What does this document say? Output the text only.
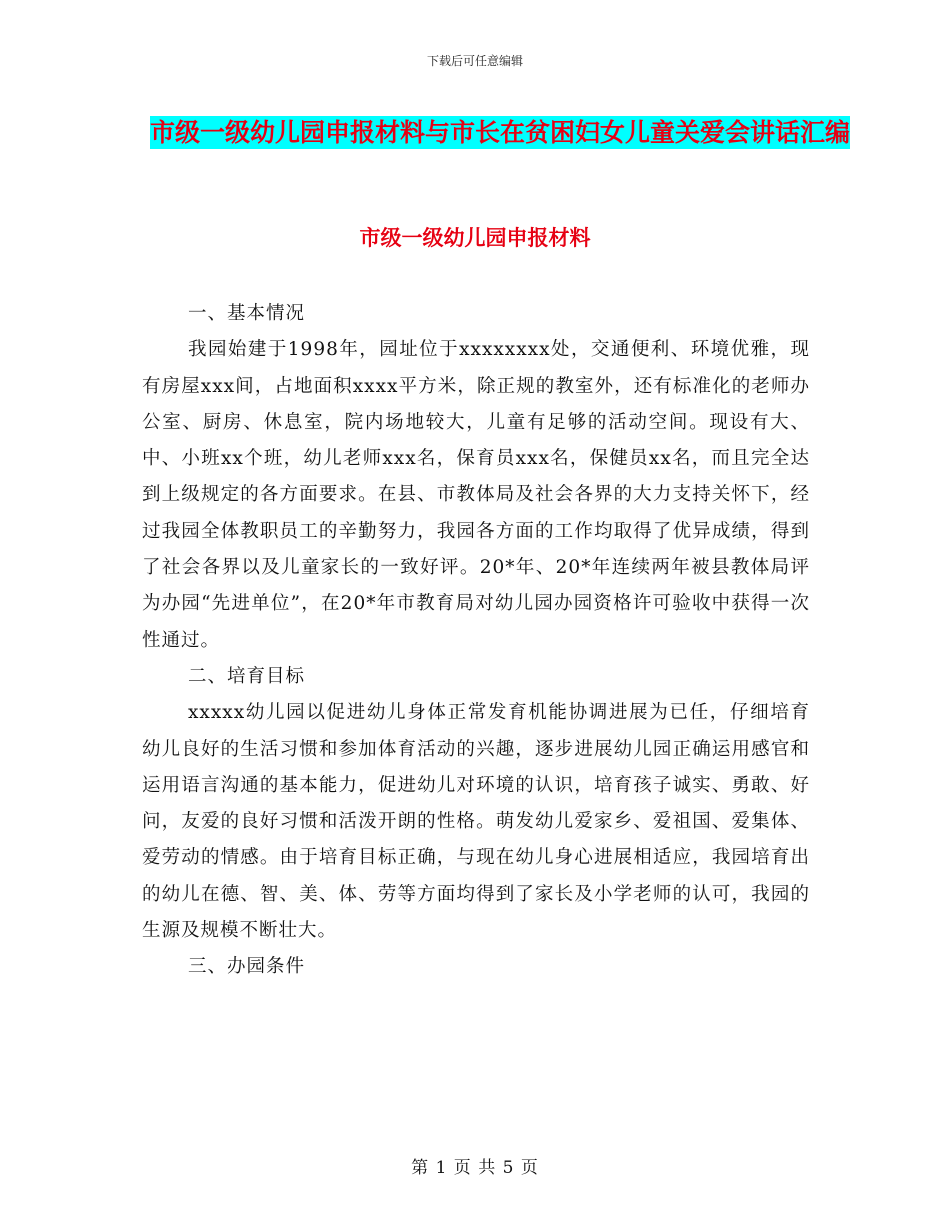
下载后可任意编辑
市级一级幼儿园申报材料与市长在贫困妇女儿童关爱会讲话汇编
市级一级幼儿园申报材料

一、基本情况

我园始建于1998年，园址位于xxxxxxxx处，交通便利、环境优雅，现有房屋xxx间，占地面积xxxx平方米，除正规的教室外，还有标准化的老师办公室、厨房、休息室，院内场地较大，儿童有足够的活动空间。现设有大、中、小班xx个班，幼儿老师xxx名，保育员xxx名，保健员xx名，而且完全达到上级规定的各方面要求。在县、市教体局及社会各界的大力支持关怀下，经过我园全体教职员工的辛勤努力，我园各方面的工作均取得了优异成绩，得到了社会各界以及儿童家长的一致好评。20*年、20*年连续两年被县教体局评为办园“先进单位”，在20*年市教育局对幼儿园办园资格许可验收中获得一次性通过。

二、培育目标

xxxxx幼儿园以促进幼儿身体正常发育机能协调进展为已任，仔细培育幼儿良好的生活习惯和参加体育活动的兴趣，逐步进展幼儿园正确运用感官和运用语言沟通的基本能力，促进幼儿对环境的认识，培育孩子诚实、勇敢、好问，友爱的良好习惯和活泼开朗的性格。萌发幼儿爱家乡、爱祖国、爱集体、爱劳动的情感。由于培育目标正确，与现在幼儿身心进展相适应，我园培育出的幼儿在德、智、美、体、劳等方面均得到了家长及小学老师的认可，我园的生源及规模不断壮大。

三、办园条件

第 1 页 共 5 页
